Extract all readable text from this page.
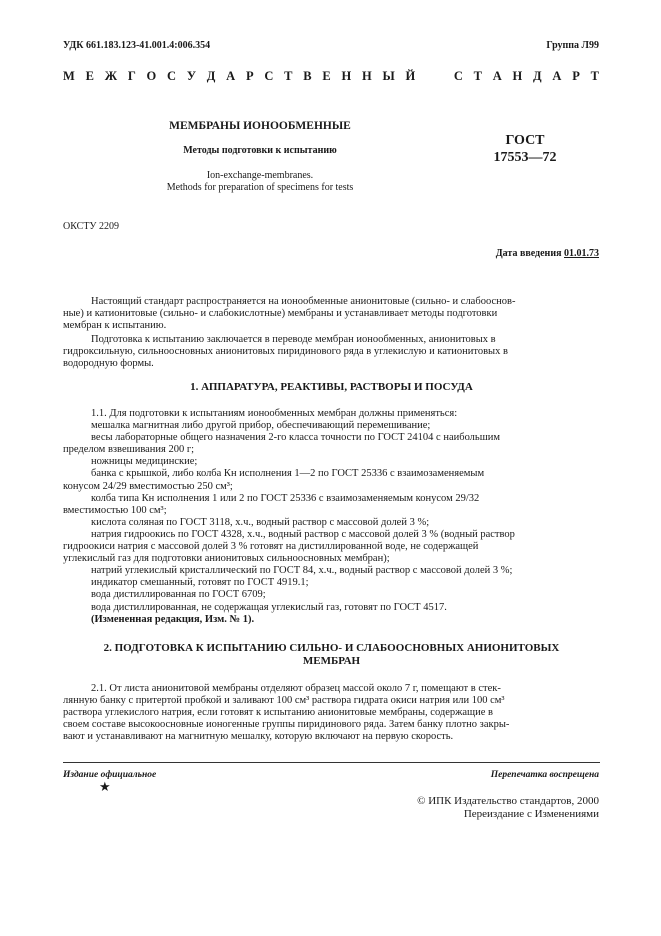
УДК 661.183.123-41.001.4:006.354	Группа Л99
М Е Ж Г О С У Д А Р С Т В Е Н Н Ы Й

	С Т А Н Д А Р Т
МЕМБРАНЫ ИОНООБМЕННЫЕ
Методы подготовки к испытанию
Ion-exchange-membranes.
Methods for preparation of specimens for tests
ГОСТ
17553—72
ОКСТУ 2209
Дата введения 01.01.73
Настоящий стандарт распространяется на ионообменные анионитовые (сильно- и слабооснов-
ные) и катионитовые (сильно- и слабокислотные) мембраны и устанавливает методы подготовки
мембран к испытанию.
Подготовка к испытанию заключается в переводе мембран ионообменных, анионитовых в
гидроксильную, сильноосновных анионитовых пиридинового ряда в углекислую и катионитовых в
водородную формы.
1. АППАРАТУРА, РЕАКТИВЫ, РАСТВОРЫ И ПОСУДА
1.1. Для подготовки к испытаниям ионообменных мембран должны применяться:
мешалка магнитная либо другой прибор, обеспечивающий перемешивание;
весы лабораторные общего назначения 2-го класса точности по ГОСТ 24104 с наибольшим
пределом взвешивания 200 г;
ножницы медицинские;
банка с крышкой, либо колба Кн исполнения 1—2 по ГОСТ 25336 с взаимозаменяемым
конусом 24/29 вместимостью 250 см³;
колба типа Кн исполнения 1 или 2 по ГОСТ 25336 с взаимозаменяемым конусом 29/32
вместимостью 100 см³;
кислота соляная по ГОСТ 3118, х.ч., водный раствор с массовой долей 3 %;
натрия гидроокись по ГОСТ 4328, х.ч., водный раствор с массовой долей 3 % (водный раствор
гидроокиси натрия с массовой долей 3 % готовят на дистиллированной воде, не содержащей
углекислый газ для подготовки анионитовых сильноосновных мембран);
натрий углекислый кристаллический по ГОСТ 84, х.ч., водный раствор с массовой долей 3 %;
индикатор смешанный, готовят по ГОСТ 4919.1;
вода дистиллированная по ГОСТ 6709;
вода дистиллированная, не содержащая углекислый газ, готовят по ГОСТ 4517.
(Измененная редакция, Изм. № 1).
2. ПОДГОТОВКА К ИСПЫТАНИЮ СИЛЬНО- И СЛАБООСНОВНЫХ АНИОНИТОВЫХ
МЕМБРАН
2.1. От листа анионитовой мембраны отделяют образец массой около 7 г, помещают в стек-
лянную банку с притертой пробкой и заливают 100 см³ раствора гидрата окиси натрия или 100 см³
раствора углекислого натрия, если готовят к испытанию анионитовые мембраны, содержащие в
своем составе высокоосновные ионогенные группы пиридинового ряда. Затем банку плотно закры-
вают и устанавливают на магнитную мешалку, которую включают на первую скорость.
Издание официальное	Перепечатка воспрещена
★
© ИПК Издательство стандартов, 2000
Переиздание с Изменениями
